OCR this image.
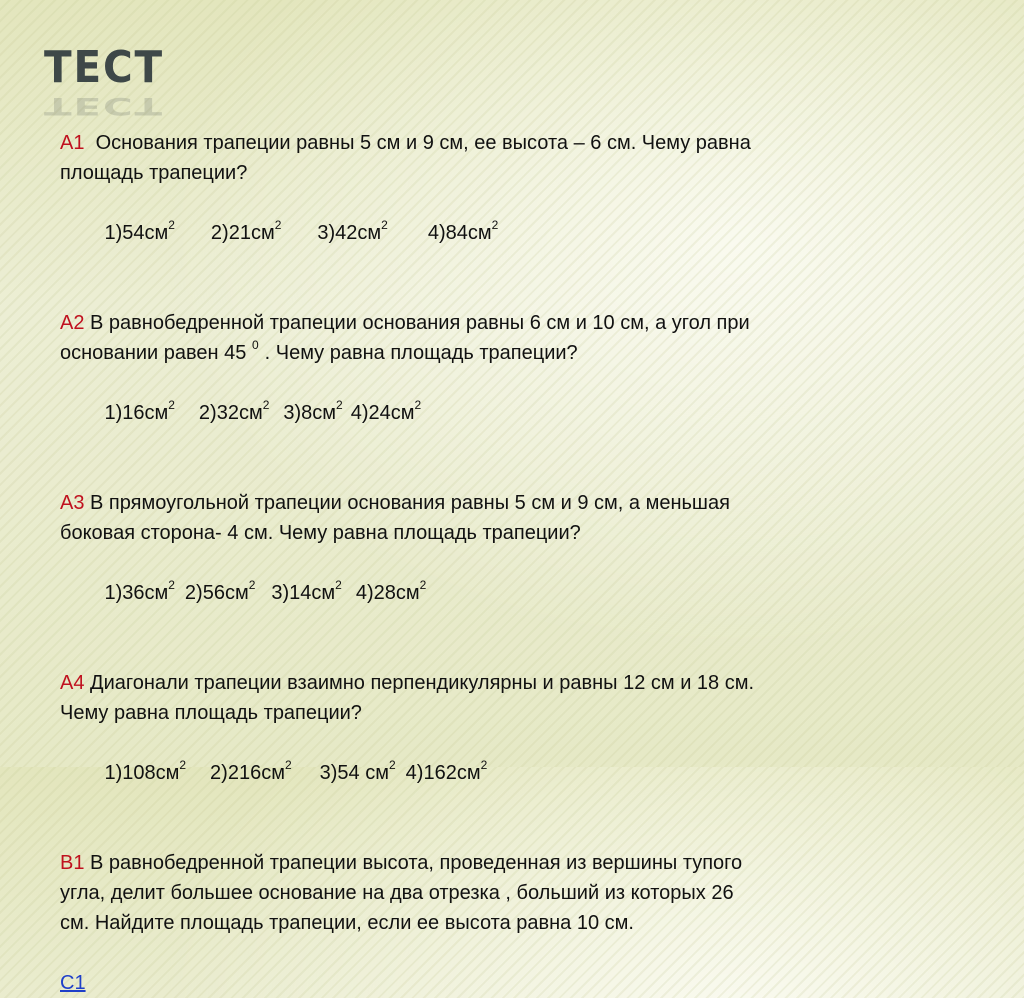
ТЕСТ
ТЕСТ
А1  Основания трапеции равны 5 см и 9 см, ее высота – 6 см. Чему равна
площадь трапеции?

$1)54см^2$ $2)21см^2$ $3)42см^2$ $4)84см^2$

А2 В равнобедренной трапеции основания равны 6 см и 10 см, а угол при
основании равен 45 $^0$ . Чему равна площадь трапеции?

$1)16см^2$ $2)32см^2$ $3)8см^2$ $4)24см^2$

А3 В прямоугольной трапеции основания равны 5 см и 9 см, а меньшая
боковая сторона- 4 см. Чему равна площадь трапеции?

$1)36см^2$ $2)56см^2$ $3)14см^2$ $4)28см^2$

А4 Диагонали трапеции взаимно перпендикулярны и равны 12 см и 18 см.
Чему равна площадь трапеции?

$1)108см^2$ $2)216см^2$ 3)54 $см^2$ $4)162см^2$

В1 В равнобедренной трапеции высота, проведенная из вершины тупого
угла, делит большее основание на два отрезка , больший из которых 26
см. Найдите площадь трапеции, если ее высота равна 10 см.
С1
